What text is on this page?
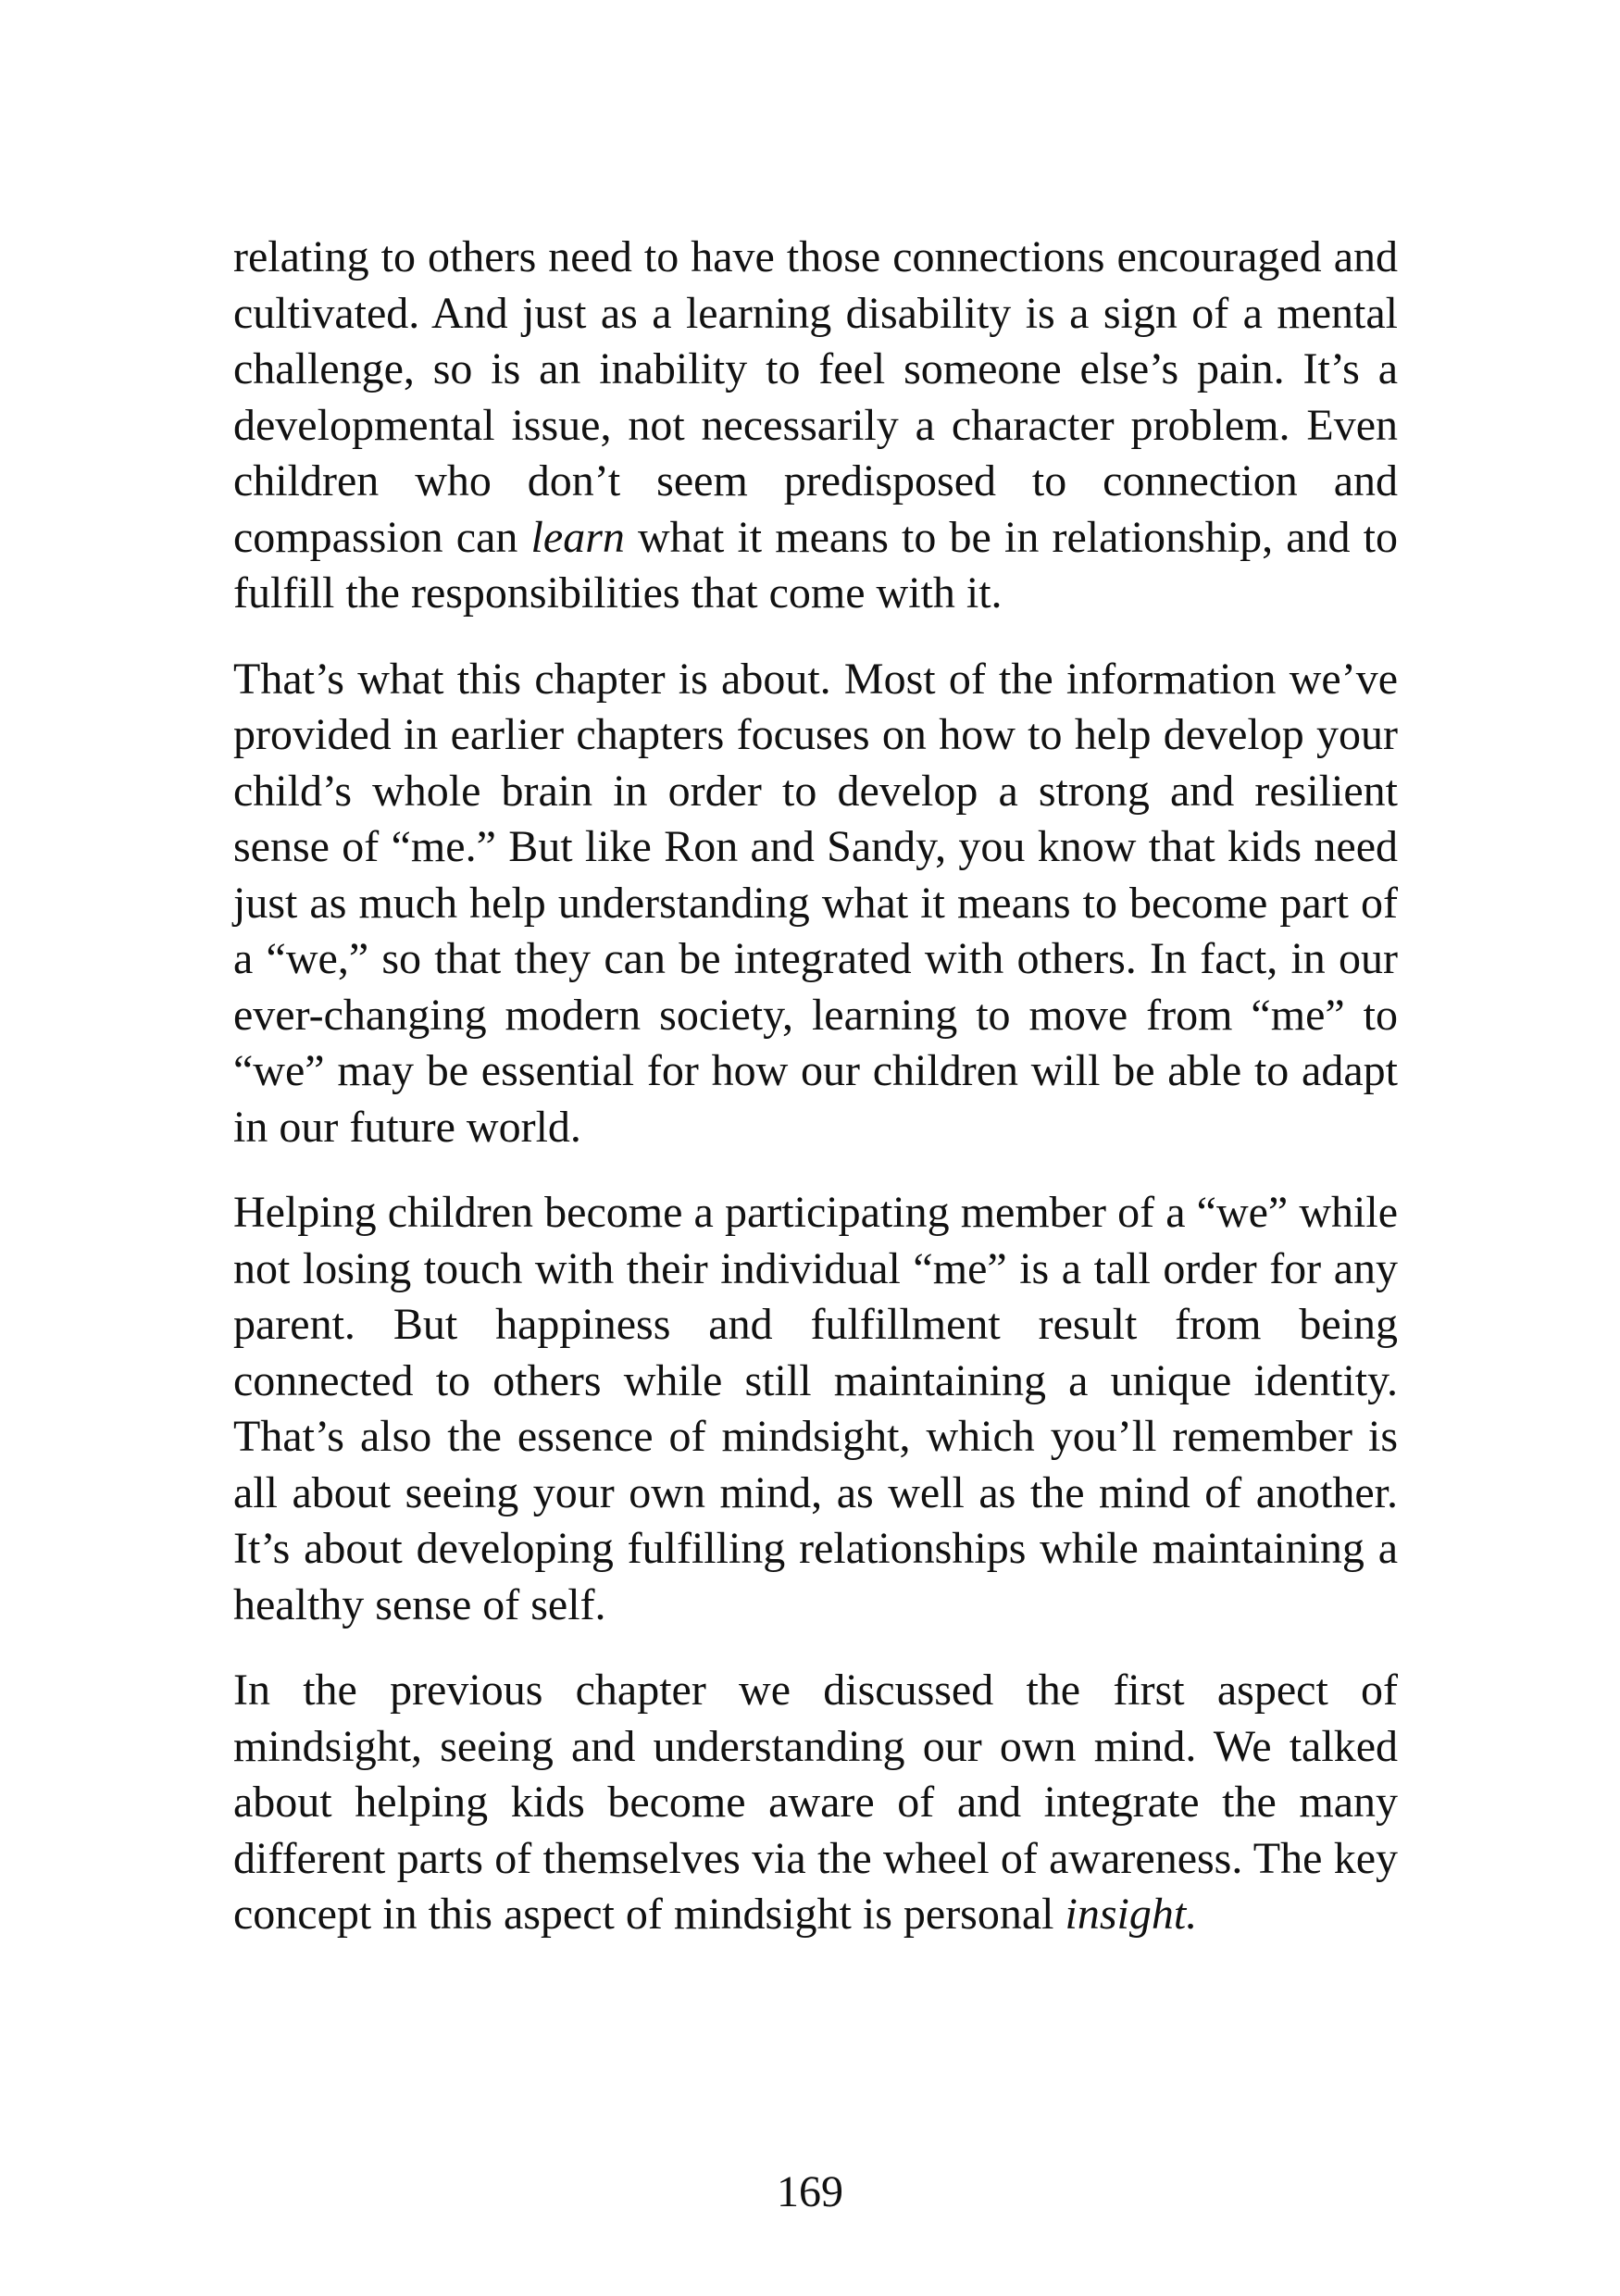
relating to others need to have those connections encouraged and cultivated. And just as a learning disability is a sign of a mental challenge, so is an inability to feel someone else’s pain. It’s a developmental issue, not necessarily a character problem. Even children who don’t seem predisposed to connection and compassion can learn what it means to be in relationship, and to fulfill the responsibilities that come with it.

That’s what this chapter is about. Most of the information we’ve provided in earlier chapters focuses on how to help develop your child’s whole brain in order to develop a strong and resilient sense of “me.” But like Ron and Sandy, you know that kids need just as much help understanding what it means to become part of a “we,” so that they can be integrated with others. In fact, in our ever-changing modern society, learning to move from “me” to “we” may be essential for how our children will be able to adapt in our future world.

Helping children become a participating member of a “we” while not losing touch with their individual “me” is a tall order for any parent. But happiness and fulfillment result from being connected to others while still maintaining a unique identity. That’s also the essence of mindsight, which you’ll remember is all about seeing your own mind, as well as the mind of another. It’s about developing fulfilling relationships while maintaining a healthy sense of self.

In the previous chapter we discussed the first aspect of mindsight, seeing and understanding our own mind. We talked about helping kids become aware of and integrate the many different parts of themselves via the wheel of awareness. The key concept in this aspect of mindsight is personal insight.

169
